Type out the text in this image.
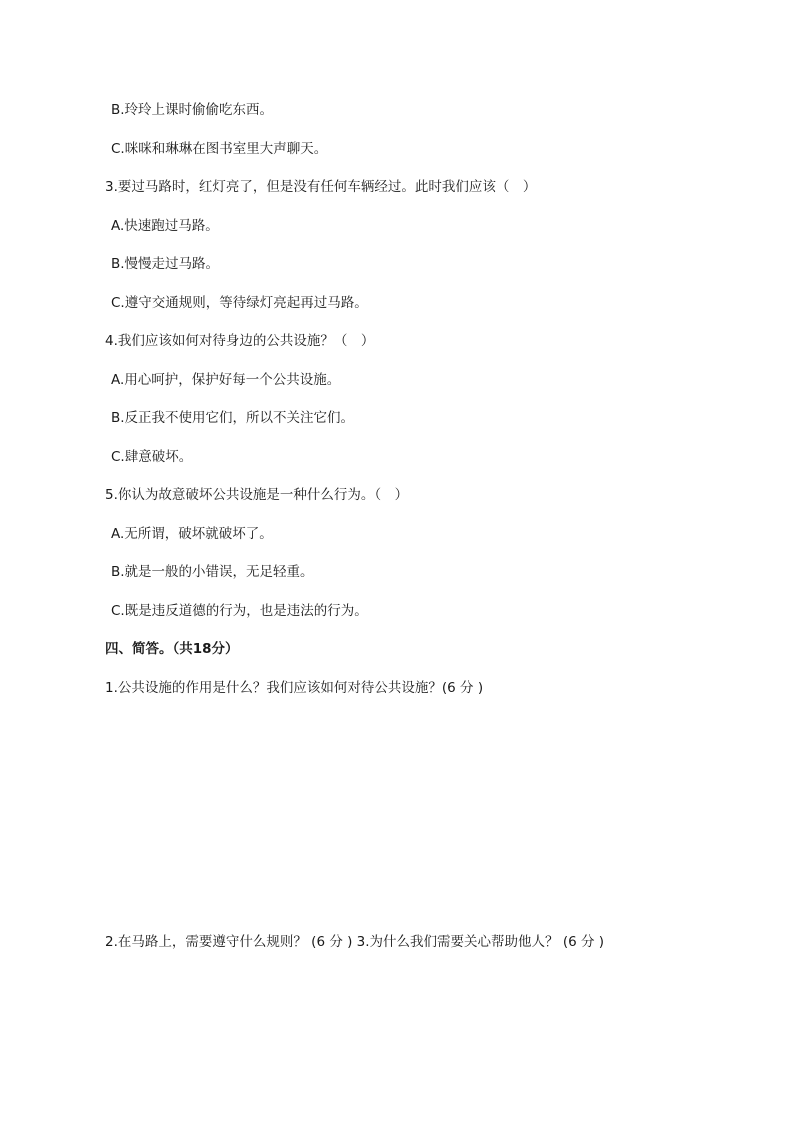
B.玲玲上课时偷偷吃东西。
C.咪咪和琳琳在图书室里大声聊天。
3.要过马路时，红灯亮了，但是没有任何车辆经过。此时我们应该（　）
A.快速跑过马路。
B.慢慢走过马路。
C.遵守交通规则，等待绿灯亮起再过马路。
4.我们应该如何对待身边的公共设施？（　）
A.用心呵护，保护好每一个公共设施。
B.反正我不使用它们，所以不关注它们。
C.肆意破坏。
5.你认为故意破坏公共设施是一种什么行为。（　）
A.无所谓，破坏就破坏了。
B.就是一般的小错误，无足轻重。
C.既是违反道德的行为，也是违法的行为。
四、简答。（共18分）
1.公共设施的作用是什么？我们应该如何对待公共设施？(6 分 )
2.在马路上，需要遵守什么规则？ (6 分 ) 3.为什么我们需要关心帮助他人？ (6 分 )
